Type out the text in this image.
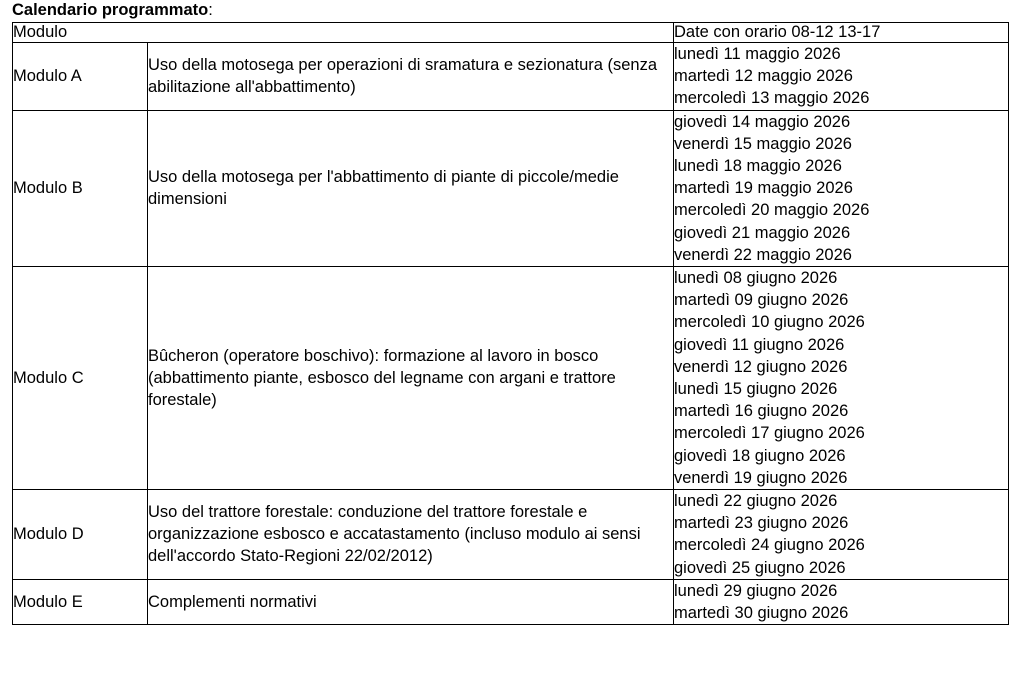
Calendario programmato:
Modulo		Date con orario 08-12 13-17
Modulo A	Uso della motosega per operazioni di sramatura e sezionatura (senza abilitazione all'abbattimento)	lunedì 11 maggio 2026
martedì 12 maggio 2026
mercoledì 13 maggio 2026

Modulo B	Uso della motosega per l'abbattimento di piante di piccole/medie dimensioni	
giovedì 14 maggio 2026
venerdì 15 maggio 2026
lunedì 18 maggio 2026
martedì 19 maggio 2026
mercoledì 20 maggio 2026
giovedì 21 maggio 2026
venerdì 22 maggio 2026

Modulo C	Bûcheron (operatore boschivo): formazione al lavoro in bosco (abbattimento piante, esbosco del legname con argani e trattore forestale)	
lunedì 08 giugno 2026
martedì 09 giugno 2026
mercoledì 10 giugno 2026
giovedì 11 giugno 2026
venerdì 12 giugno 2026
lunedì 15 giugno 2026
martedì 16 giugno 2026
mercoledì 17 giugno 2026
giovedì 18 giugno 2026
venerdì 19 giugno 2026

Modulo D	Uso del trattore forestale: conduzione del trattore forestale e organizzazione esbosco e accatastamento (incluso modulo ai sensi dell'accordo Stato-Regioni 22/02/2012)	lunedì 22 giugno 2026
martedì 23 giugno 2026
mercoledì 24 giugno 2026
giovedì 25 giugno 2026

Modulo E	Complementi normativi	lunedì 29 giugno 2026
martedì 30 giugno 2026
